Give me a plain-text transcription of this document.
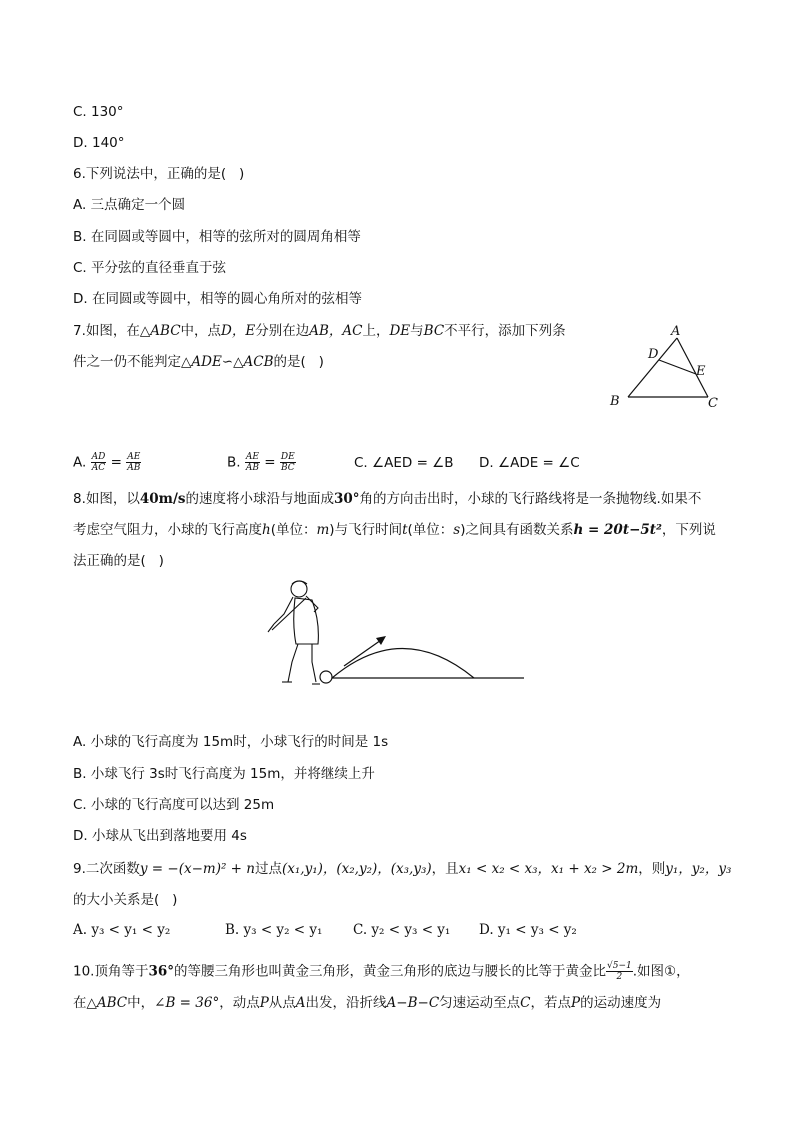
C. 130°
D. 140°
6.下列说法中，正确的是(   )
A. 三点确定一个圆
B. 在同圆或等圆中，相等的弦所对的圆周角相等
C. 平分弦的直径垂直于弦
D. 在同圆或等圆中，相等的圆心角所对的弦相等
7.如图，在△ABC中，点D，E分别在边AB，AC上，DE与BC不平行，添加下列条
件之一仍不能判定△ADE∽△ACB的是(   )
A
D
E
B	C
A. $\frac{AD}{AC} = \frac{AE}{AB}$	B. $\frac{AE}{AB} = \frac{DE}{BC}$	C. ∠AED = ∠B D. ∠ADE = ∠C
8.如图，以40m/s的速度将小球沿与地面成30°角的方向击出时，小球的飞行路线将是一条抛物线.如果不
考虑空气阻力，小球的飞行高度h(单位：m)与飞行时间t(单位：s)之间具有函数关系h = 20t−5t²，下列说
法正确的是(   )
A. 小球的飞行高度为 15m时，小球飞行的时间是 1s
B. 小球飞行 3s时飞行高度为 15m，并将继续上升
C. 小球的飞行高度可以达到 25m
D. 小球从飞出到落地要用 4s
9.二次函数y = −(x−m)² + n过点(x₁,y₁)，(x₂,y₂)，(x₃,y₃)，且x₁ < x₂ < x₃，x₁ + x₂ > 2m，则y₁，y₂，y₃
的大小关系是(   )
A. y₃ < y₁ < y₂	B. y₃ < y₂ < y₁ C. y₂ < y₃ < y₁ D. y₁ < y₃ < y₂
10.顶角等于36°的等腰三角形也叫黄金三角形，黄金三角形的底边与腰长的比等于黄金比 $\frac{√5-1}{2}$ .如图①，
在△ABC中，∠B = 36°，动点P从点A出发，沿折线A−B−C匀速运动至点C，若点P的运动速度为
